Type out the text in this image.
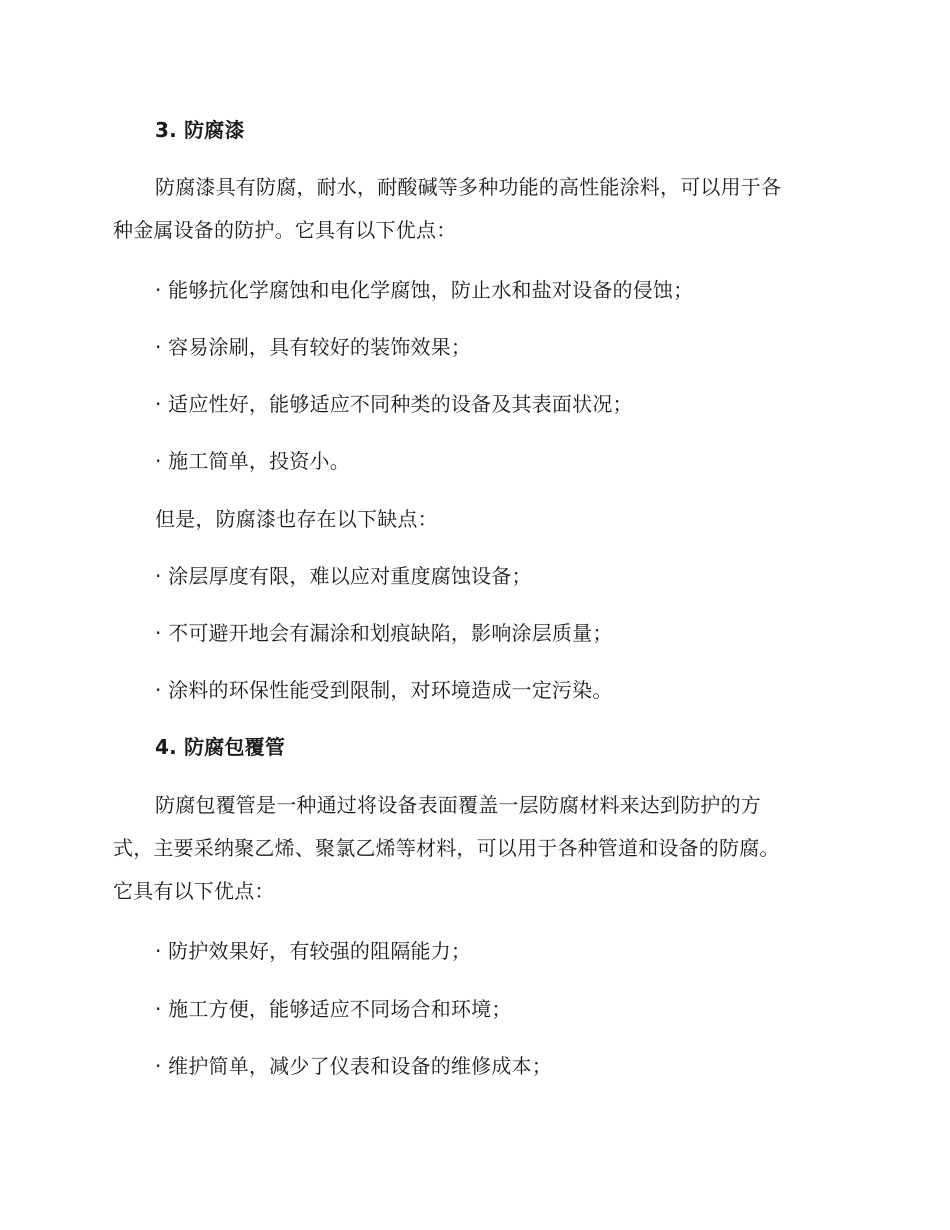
3. 防腐漆
防腐漆具有防腐，耐水，耐酸碱等多种功能的高性能涂料，可以用于各
种金属设备的防护。它具有以下优点：
· 能够抗化学腐蚀和电化学腐蚀，防止水和盐对设备的侵蚀；
· 容易涂刷，具有较好的装饰效果；
· 适应性好，能够适应不同种类的设备及其表面状况；
· 施工简单，投资小。
但是，防腐漆也存在以下缺点：
· 涂层厚度有限，难以应对重度腐蚀设备；
· 不可避开地会有漏涂和划痕缺陷，影响涂层质量；
· 涂料的环保性能受到限制，对环境造成一定污染。
4. 防腐包覆管
防腐包覆管是一种通过将设备表面覆盖一层防腐材料来达到防护的方
式，主要采纳聚乙烯、聚氯乙烯等材料，可以用于各种管道和设备的防腐。
它具有以下优点：
· 防护效果好，有较强的阻隔能力；
· 施工方便，能够适应不同场合和环境；
· 维护简单，减少了仪表和设备的维修成本；
